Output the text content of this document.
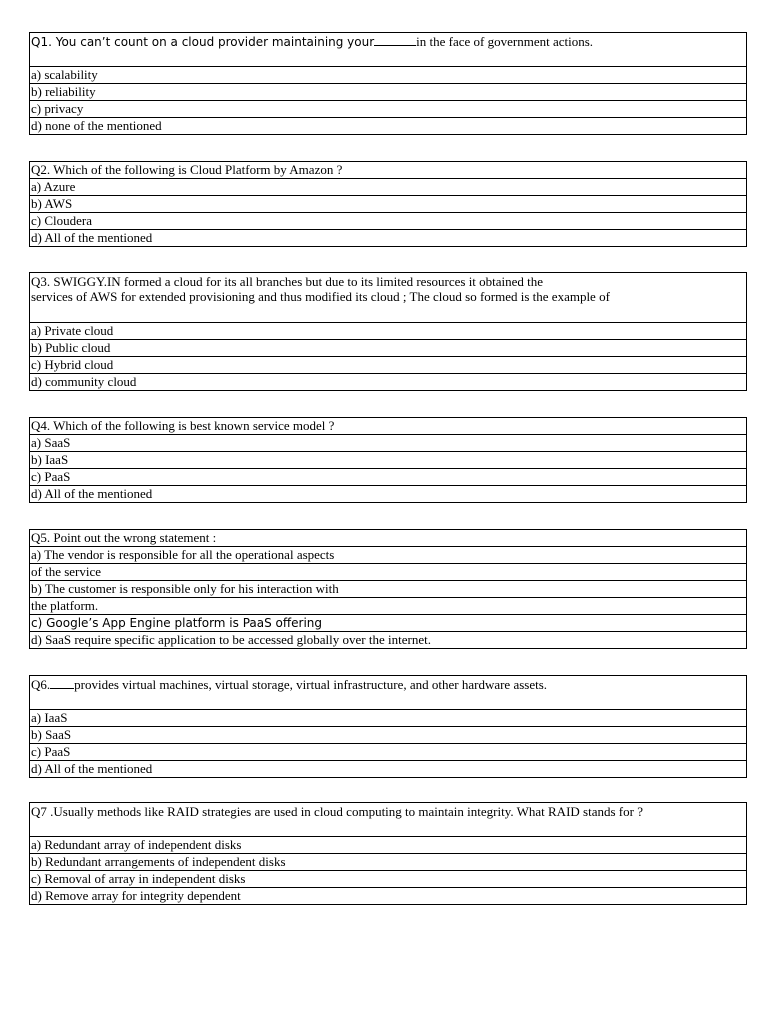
Q1. You can’t count on a cloud provider maintaining your	in the face of government actions.
a) scalability
b) reliability
c) privacy
d) none of the mentioned
Q2. Which of the following is Cloud Platform by Amazon ?
a) Azure
b) AWS
c) Cloudera
d) All of the mentioned
Q3. SWIGGY.IN formed a cloud for its all branches but due to its limited resources it obtained the
services of AWS for extended provisioning and thus modified its cloud ; The cloud so formed is the example of
a) Private cloud
b) Public cloud
c) Hybrid cloud
d) community cloud
Q4. Which of the following is best known service model ?
a) SaaS
b) IaaS
c) PaaS
d) All of the mentioned
Q5. Point out the wrong statement :
a) The vendor is responsible for all the operational aspects
of the service
b) The customer is responsible only for his interaction with
the platform.
c) Google’s App Engine platform is PaaS offering
d) SaaS require specific application to be accessed globally over the internet.
Q6. provides virtual machines, virtual storage, virtual infrastructure, and other hardware assets.
a) IaaS
b) SaaS
c) PaaS
d) All of the mentioned
Q7 .Usually methods like RAID strategies are used in cloud computing to maintain integrity. What RAID stands for ?
a) Redundant array of independent disks
b) Redundant arrangements of independent disks
c) Removal of array in independent disks
d) Remove array for integrity dependent
